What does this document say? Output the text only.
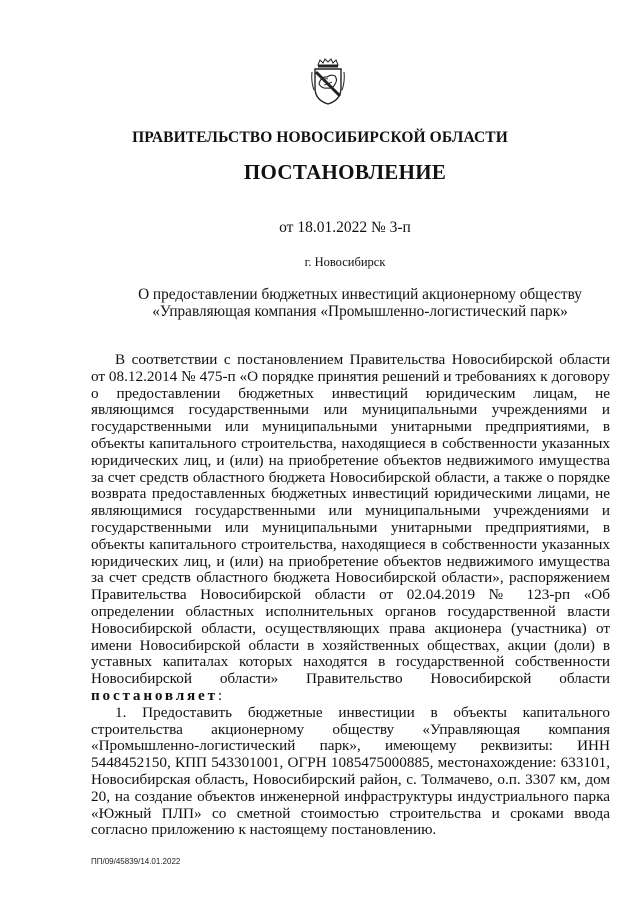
ПРАВИТЕЛЬСТВО НОВОСИБИРСКОЙ ОБЛАСТИ
ПОСТАНОВЛЕНИЕ
от 18.01.2022 № 3-п
г. Новосибирск
О предоставлении бюджетных инвестиций акционерному обществу
«Управляющая компания «Промышленно-логистический парк»

В соответствии с постановлением Правительства Новосибирской области от 08.12.2014 № 475-п «О порядке принятия решений и требованиях к договору о предоставлении бюджетных инвестиций юридическим лицам, не являющимся государственными или муниципальными учреждениями и государственными или муниципальными унитарными предприятиями, в объекты капитального строительства, находящиеся в собственности указанных юридических лиц, и (или) на приобретение объектов недвижимого имущества за счет средств областного бюджета Новосибирской области, а также о порядке возврата предоставленных бюджетных инвестиций юридическими лицами, не являющимися государственными или муниципальными учреждениями и государственными или муниципальными унитарными предприятиями, в объекты капитального строительства, находящиеся в собственности указанных юридических лиц, и (или) на приобретение объектов недвижимого имущества за счет средств областного бюджета Новосибирской области», распоряжением Правительства Новосибирской области от 02.04.2019 № 123-рп «Об определении областных исполнительных органов государственной власти Новосибирской области, осуществляющих права акционера (участника) от имени Новосибирской области в хозяйственных обществах, акции (доли) в уставных капиталах которых находятся в государственной собственности Новосибирской области» Правительство Новосибирской области постановляет:

1. Предоставить бюджетные инвестиции в объекты капитального строительства акционерному обществу «Управляющая компания «Промышленно-логистический парк», имеющему реквизиты: ИНН 5448452150, КПП 543301001, ОГРН 1085475000885, местонахождение: 633101, Новосибирская область, Новосибирский район, с. Толмачево, о.п. 3307 км, дом 20, на создание объектов инженерной инфраструктуры индустриального парка «Южный ПЛП» со сметной стоимостью строительства и сроками ввода согласно приложению к настоящему постановлению.

ПП/09/45839/14.01.2022
